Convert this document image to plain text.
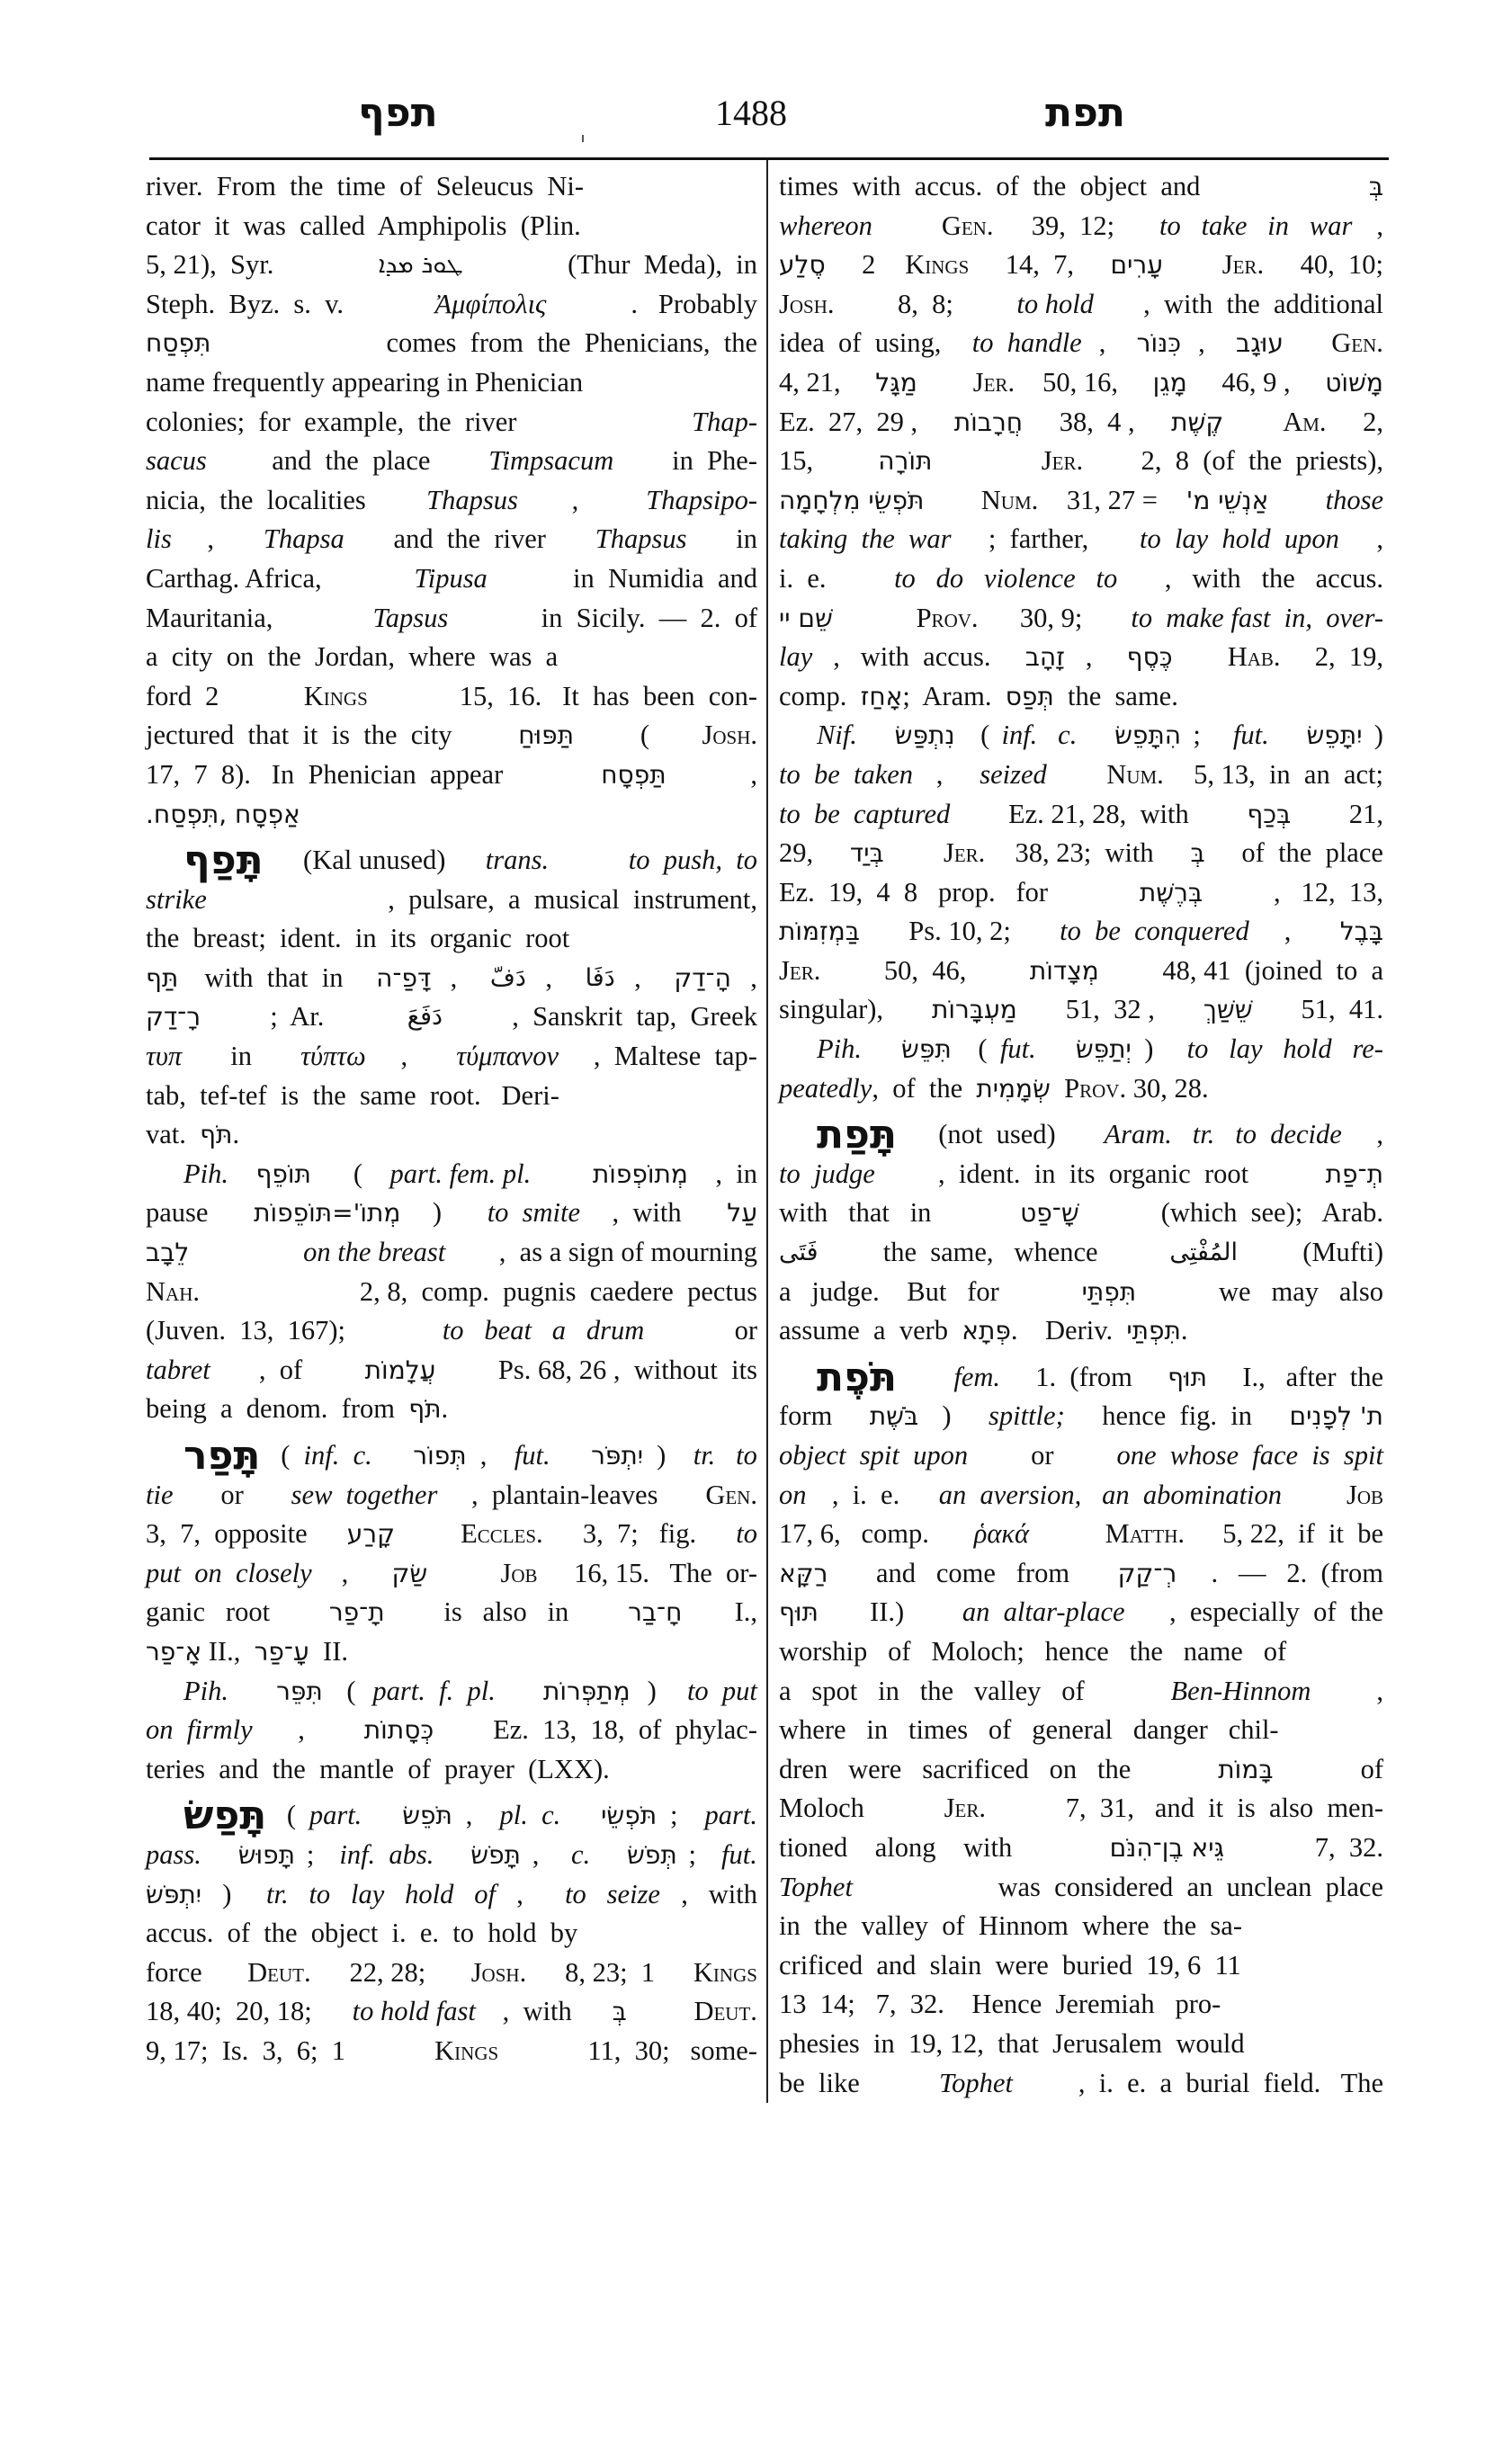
תפף	1488	תפת
river.  From  the  time  of  Seleucus  Ni-
cator  it  was  called  Amphipolis  (Plin.
5, 21),  Syr.	ܛܘܪ ܡܕܐ	(Thur  Meda),  in
Steph.  Byz.  s.  v.	Ἀμφίπολις	.   Probably
תִּפְסַח	comes  from  the  Phenicians,  the
name frequently appearing in Phenician
colonies;  for  example,  the  river	Thap-
sacus and  the  place Timpsacum in  Phe-
nicia,  the  localities Thapsus , Thapsipo-
lis , Thapsa and  the  river Thapsus in
Carthag. Africa,	Tipusa	in  Numidia  and
Mauritania,	Tapsus	in  Sicily.  —  2.  of
a  city  on  the  Jordan,  where  was  a
ford  2	Kings	15,  16.   It  has  been  con-
jectured  that  it  is  the  city תַּפּוּחַ ( Josh.
17,  7  8).   In  Phenician  appear	תַּפְסָח	,
אַפְסָח ,תִּפְסַח.
תָּפַף (Kal unused) trans.
	to  push,  to
strike	,  pulsare,  a  musical  instrument,
the  breast;  ident.  in  its  organic  root
תַּף with  that  in דָּפַ־ה , دَفّ , دَفَا , הָ־דַק ,
רָ־דַק	;  Ar.	دَفَعَ	,  Sanskrit  tap,  Greek
τυπ in τύπτω , τύμπανον ,  Maltese  tap-
tab,  tef-tef  is  the  same  root.   Deri-
vat. תֹּף .
Pih. תּוֹפֵף ( part. fem. pl.
מְתוֹפְפוֹת ,  in
pause מְתוֹ'=תּוֹפֵפוֹת ) to  smite ,  with עַל
לֵבָב
	on the breast ,  as a sign of mourning
Nah.	2, 8,  comp.  pugnis  caedere  pectus
(Juven.  13,  167);	to   beat   a   drum	or
tabret ,  of עֲלָמוֹת Ps. 68, 26 ,  without  its
being  a  denom.  from תֹּף .
תָּפַר ( inf.  c.
תְּפוֹר , fut.
יִתְפֹּר ) tr.   to
tie or sew  together ,  plantain-leaves Gen.
3,  7,  opposite קָרַע
Eccles. 3,  7;   fig. to
put  on  closely , שַׂק
	Job 16, 15.   The  or-
ganic   root תָ־פַר is   also   in חָ־בַר I.,
אָ־פַר II., עָ־פַר II.
Pih.
תִּפֵּר ( part.  f.  pl.
מְתַפְּרוֹת ) to  put
on  firmly , כְּסָתוֹת Ez.  13,  18,  of  phylac-
teries  and  the  mantle  of  prayer  (LXX).
תָּפַשׂ ( part.
תֹּפֵשׂ , pl.  c.
תֹּפְשֵׂי ; part.
pass.
תָּפוּשׂ ; inf.  abs.
תָּפֹשׂ , c.
תְּפֹשׂ ; fut.
יִתְפֹּשׂ ) tr.   to   lay   hold   of , to   seize ,   with
accus.  of  the  object  i.  e.  to  hold  by
force Deut. 22, 28; Josh. 8, 23;  1 Kings
18, 40;  20, 18; to hold fast ,  with בְּ
Deut.
9, 17;  Is.  3,  6;  1	Kings	11,  30;   some-
times  with  accus.  of  the  object  and	בְּ
whereon
	Gen. 39,  12; to   take   in   war ,
סֶלַע 2 Kings 14,  7, עָרִים
Jer. 40,  10;
Josh. 8,  8; to hold ,  with  the  additional
idea  of  using, to  handle , כִּנּוֹר , עוּגָב
Gen.
4, 21, מַגָּל
Jer. 50, 16, מָגֵן 46, 9 , מָשׁוֹט
Ez.  27,  29 , חֲרָבוֹת 38,  4 , קֶשֶׁת
Am. 2,
15, תּוֹרָה
	Jer. 2,  8  (of  the  priests),
תֹּפְשֵׂי מִלְחָמָה
Num. 31, 27 = אַנְשֵׁי מ'
those
taking  the  war ;  farther, to  lay  hold  upon ,
i.  e. to   do   violence   to ,   with   the   accus.
שֵׁם יי
	Prov. 30, 9; to  make fast  in,  over-
lay ,   with  accus. זָהָב , כֶּסֶף
Hab. 2,  19,
comp. אָחַז ;  Aram. תְּפַס the  same.
Nif.
נִתְפַּשׂ ( inf.   c.
הִתָּפֵשׂ ; fut.
יִתָּפֵשׂ )
to  be  taken , seized
Num. 5, 13,  in  an  act;
to  be  captured Ez. 21, 28,  with בְּכַף 21,
29, בְּיַד
Jer. 38, 23;  with בְּ of  the  place
Ez.  19,  4  8   prop.   for	בְּרֶשֶׁת	,   12,  13,
בַּמְזִמּוֹת Ps. 10, 2; to  be  conquered , בָּבֶל
Jer. 50,  46, מְצָדוֹת 48, 41  (joined  to  a
singular), מַעְבָּרוֹת 51,  32 , שֵׁשַׁךְ 51,  41.
Pih.
תִּפֵּשׂ ( fut.
יְתַפֵּשׂ ) to   lay   hold   re-
peatedly ,  of  the שְׂמָמִית
Prov. 30, 28.
תָּפַת (not  used) Aram.   tr.   to  decide ,
to  judge ,  ident.  in  its  organic  root	תְ־פַת
with   that   in	שָׁ־פַט (which  see);   Arab.
فَتَى the  same,   whence المُفْتِى (Mufti)
a   judge.    But   for תִּפְתַּי we   may   also
assume  a  verb פְּתָא .    Deriv. תִּפְתַּי .
תֹּפֶת
fem. 1.  (from תּוּף I.,   after  the
form בֹּשֶׁת ) spittle; hence  fig.  in ת' לְפָנִים
object  spit  upon or one  whose  face  is  spit
on ,  i.  e. an  aversion,   an  abomination
Job
17, 6,   comp. ῥακά
	Matth. 5, 22,  if  it  be
רַקָּא and   come   from רְ־קַק .   —   2.  (from
תּוּף II.) an  altar-place ,  especially  of  the
worship   of   Moloch;   hence   the   name   of
a   spot   in   the   valley   of Ben-Hinnom ,
where   in   times   of   general   danger   chil-
dren   were   sacrificed   on   the	בָּמוֹת of
Moloch Jer. 7,  31,   and  it  is  also  men-
tioned    along    with	גֵּיא בֶן־הִנֹּם	7,  32.
Tophet	was  considered  an  unclean  place
in  the  valley  of  Hinnom  where  the  sa-
crificed  and  slain  were  buried  19, 6  11
13  14;   7,  32.    Hence  Jeremiah   pro-
phesies  in  19, 12,  that  Jerusalem  would
be  like Tophet ,  i.  e.  a  burial  field.   The
